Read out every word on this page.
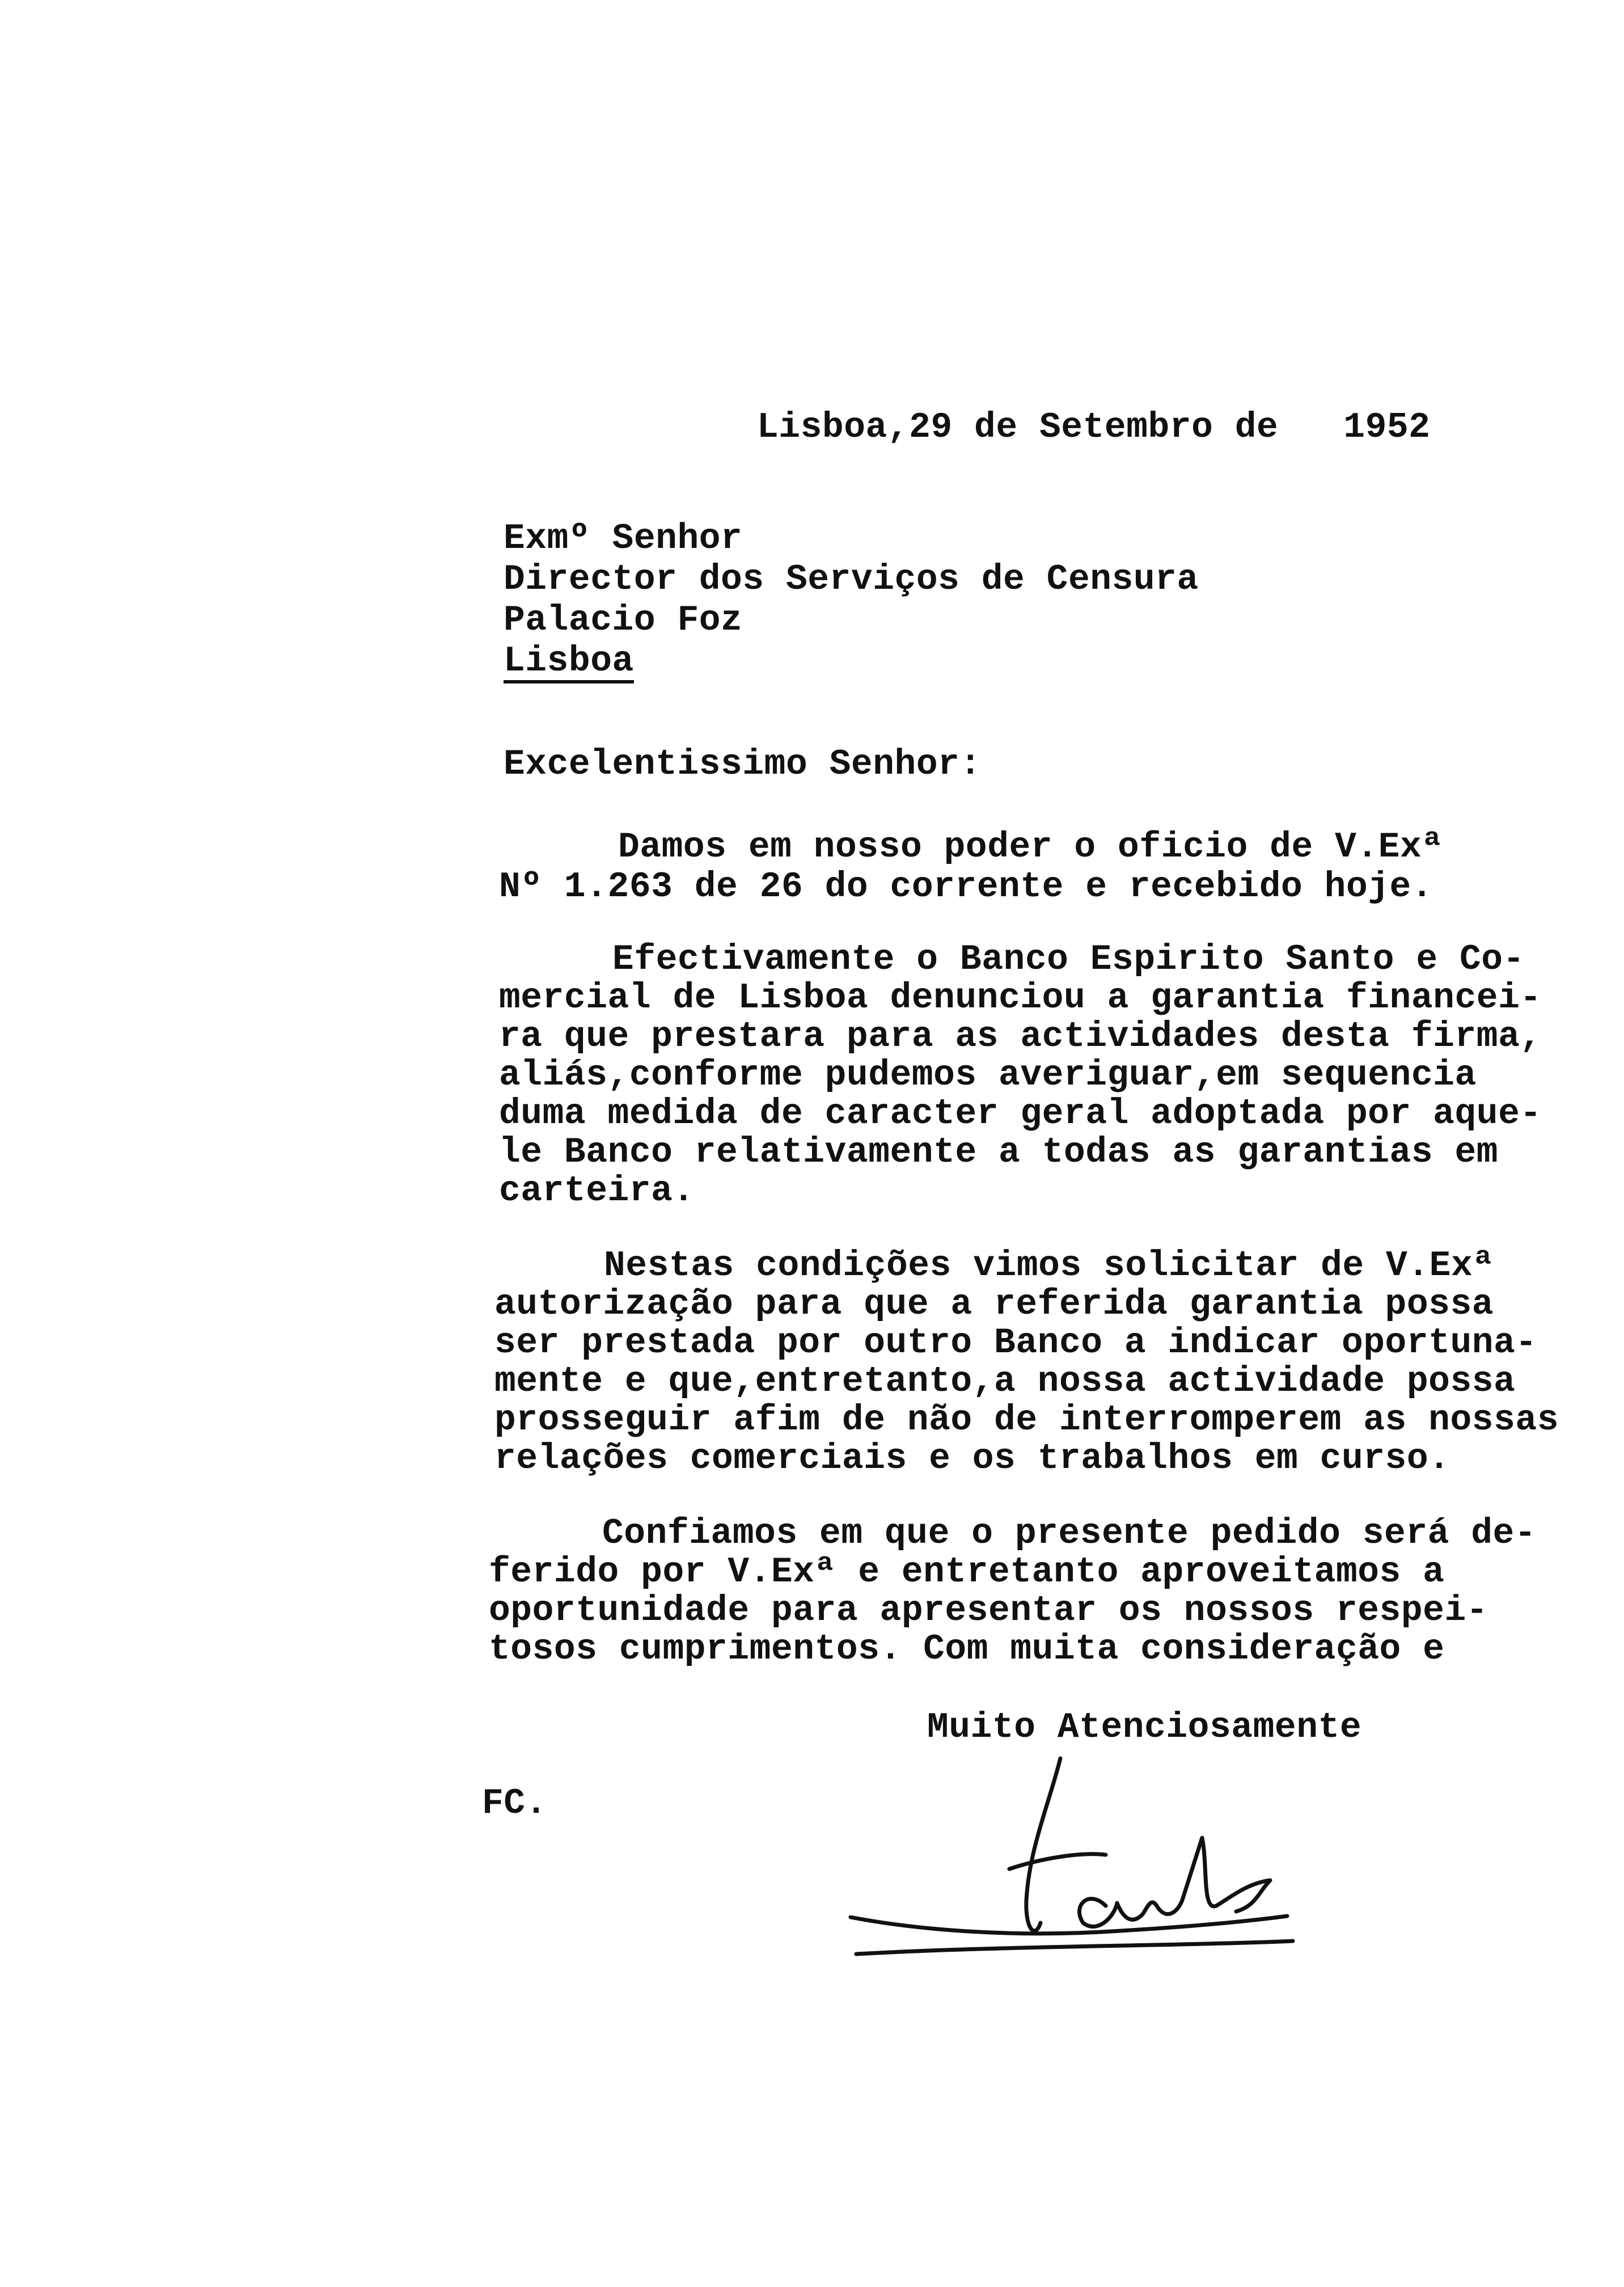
Lisboa,29 de Setembro de   1952
Exmº Senhor
Director dos Serviços de Censura
Palacio Foz
Lisboa
Excelentissimo Senhor:
Damos em nosso poder o oficio de V.Exª
Nº 1.263 de 26 do corrente e recebido hoje.
Efectivamente o Banco Espirito Santo e Co-
mercial de Lisboa denunciou a garantia financei-
ra que prestara para as actividades desta firma,
aliás,conforme pudemos averiguar,em sequencia
duma medida de caracter geral adoptada por aque-
le Banco relativamente a todas as garantias em
carteira.
Nestas condições vimos solicitar de V.Exª
autorização para que a referida garantia possa
ser prestada por outro Banco a indicar oportuna-
mente e que,entretanto,a nossa actividade possa
prosseguir afim de não de interromperem as nossas
relações comerciais e os trabalhos em curso.
Confiamos em que o presente pedido será de-
ferido por V.Exª e entretanto aproveitamos a
oportunidade para apresentar os nossos respei-
tosos cumprimentos. Com muita consideração e
Muito Atenciosamente
FC.
